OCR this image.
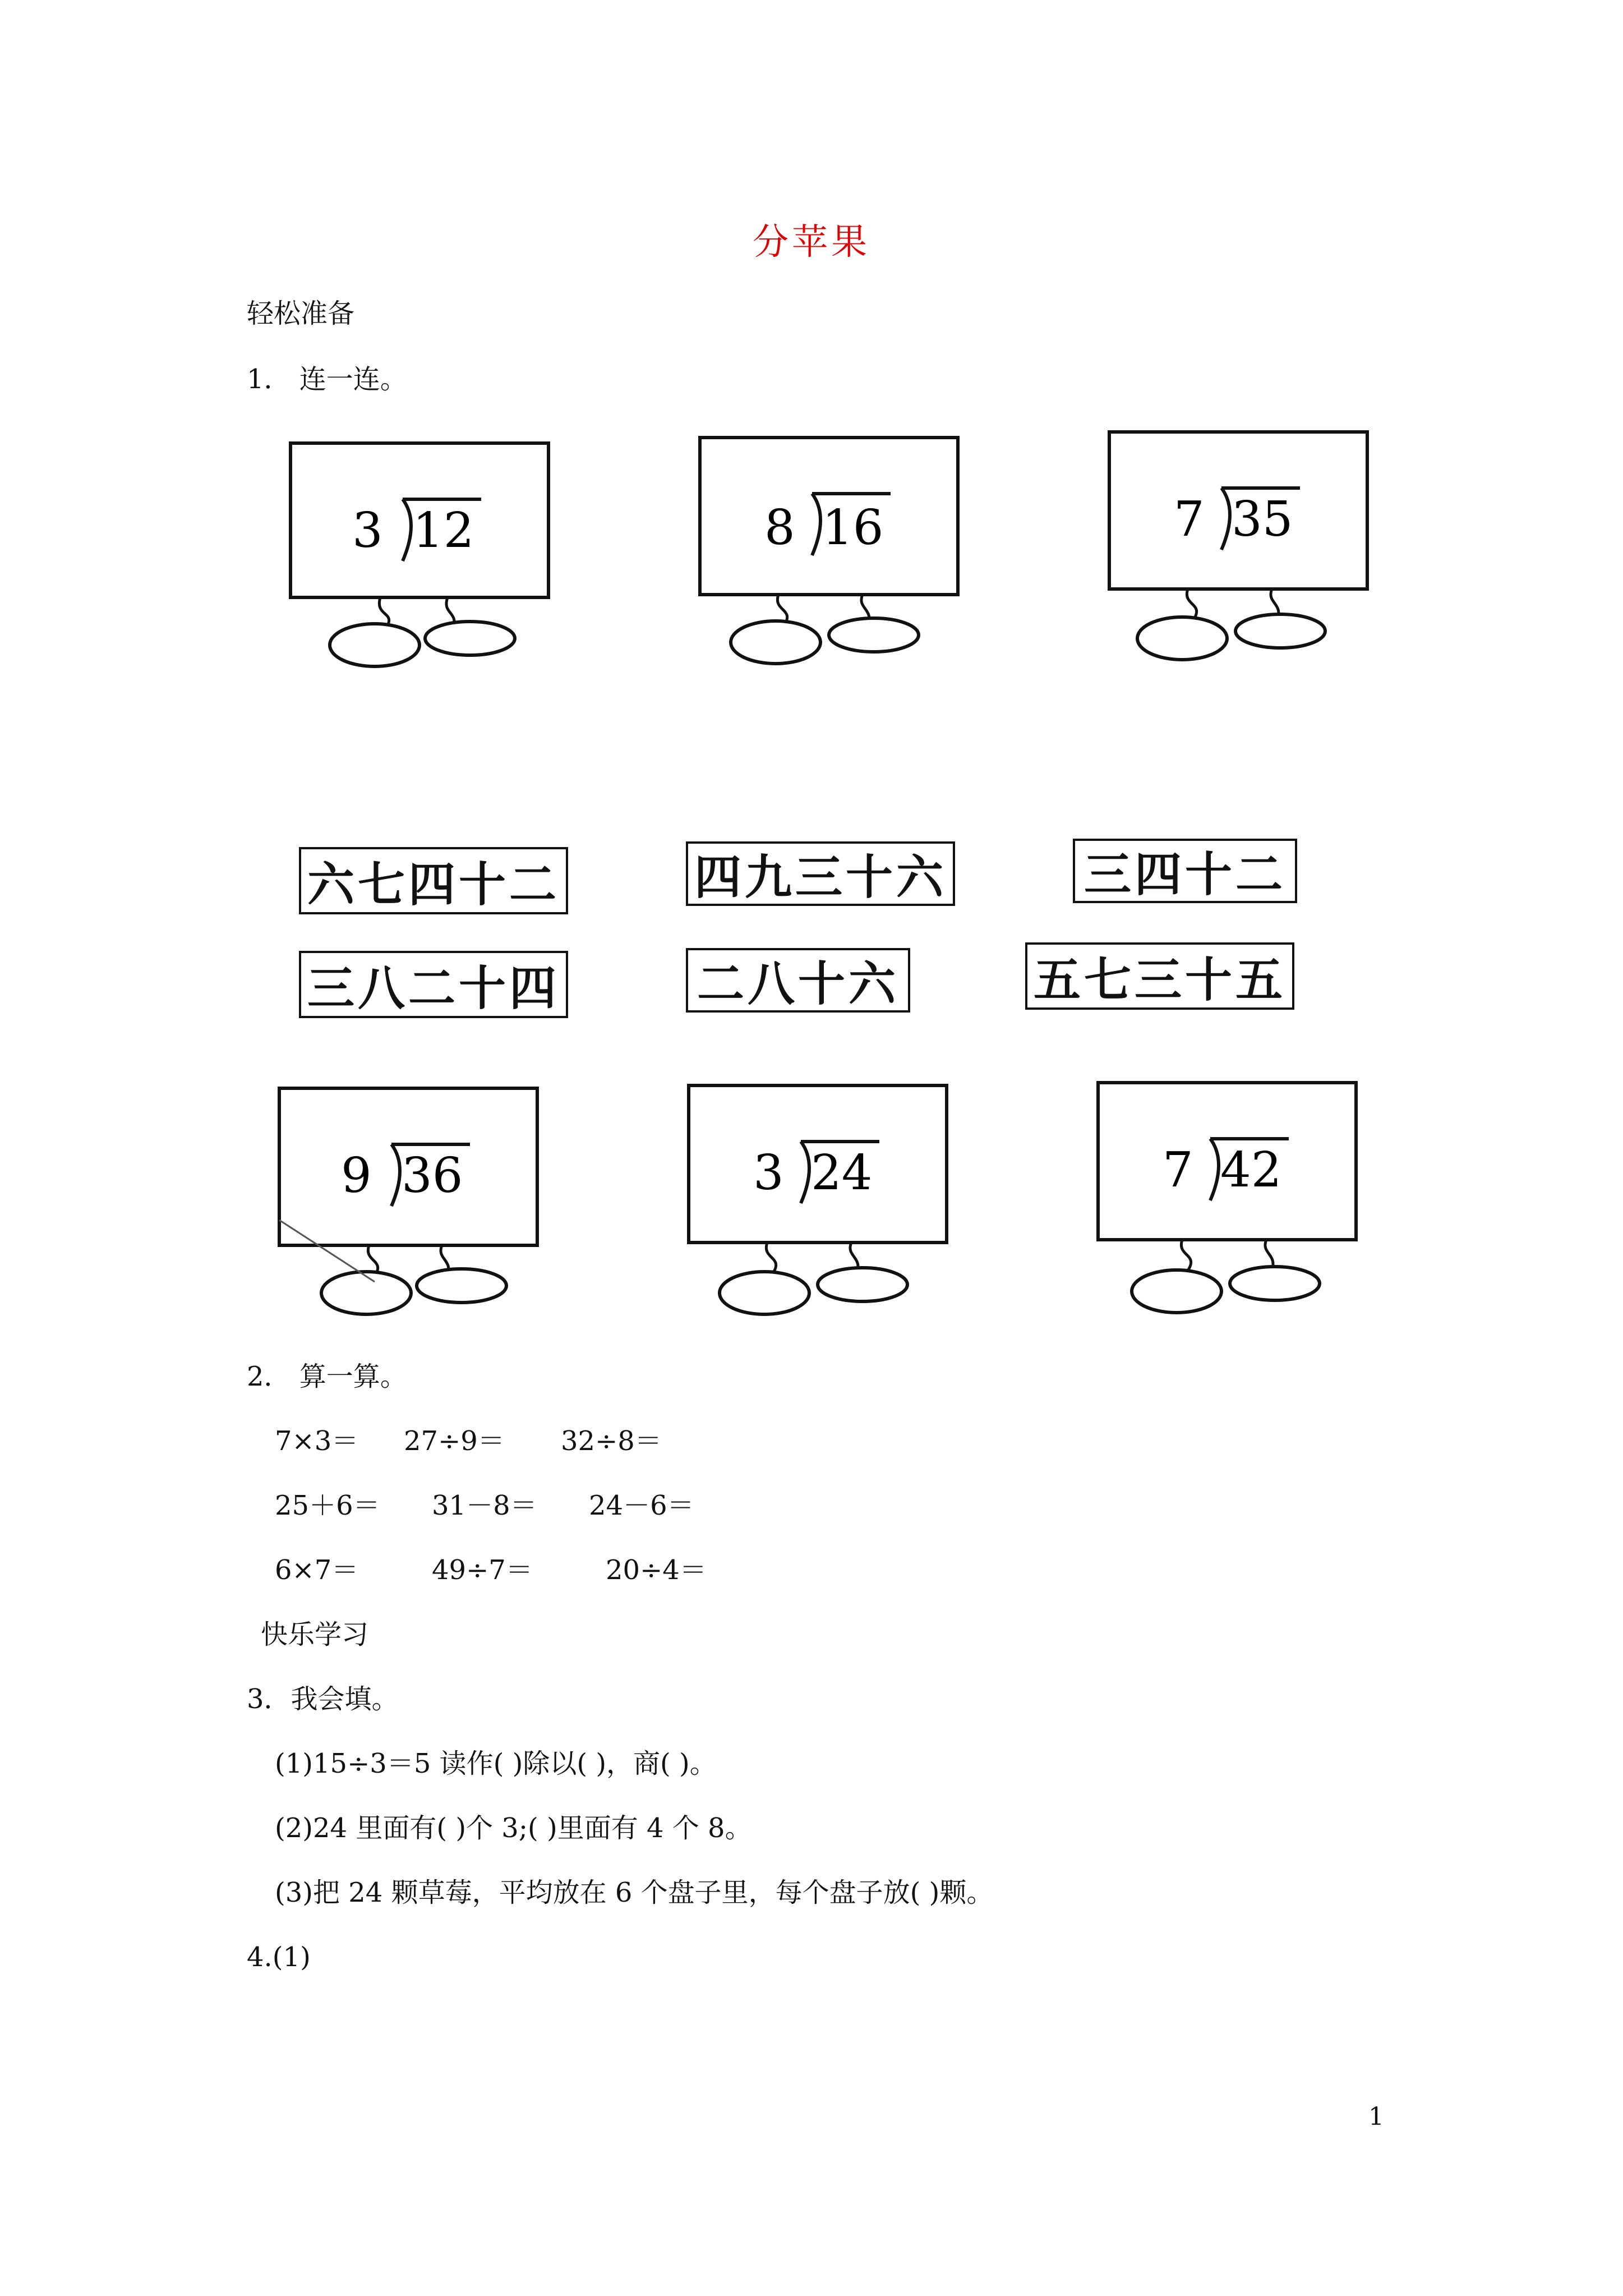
分苹果
轻松准备
1． 连一连。
3 12	8 16	7 35
9 36	3 24	7 42
六七四十二	四九三十六	三四十二
三八二十四	二八十六	五七三十五
2． 算一算。
7×3＝ 27÷9＝ 32÷8＝
25＋6＝ 31－8＝ 24－6＝
6×7＝	49÷7＝	20÷4＝
快乐学习
3．我会填。
(1)15÷3＝5 读作( )除以( )，商( )。
(2)24 里面有( )个 3;( )里面有 4 个 8。
(3)把 24 颗草莓，平均放在 6 个盘子里，每个盘子放( )颗。
4.(1)
1
